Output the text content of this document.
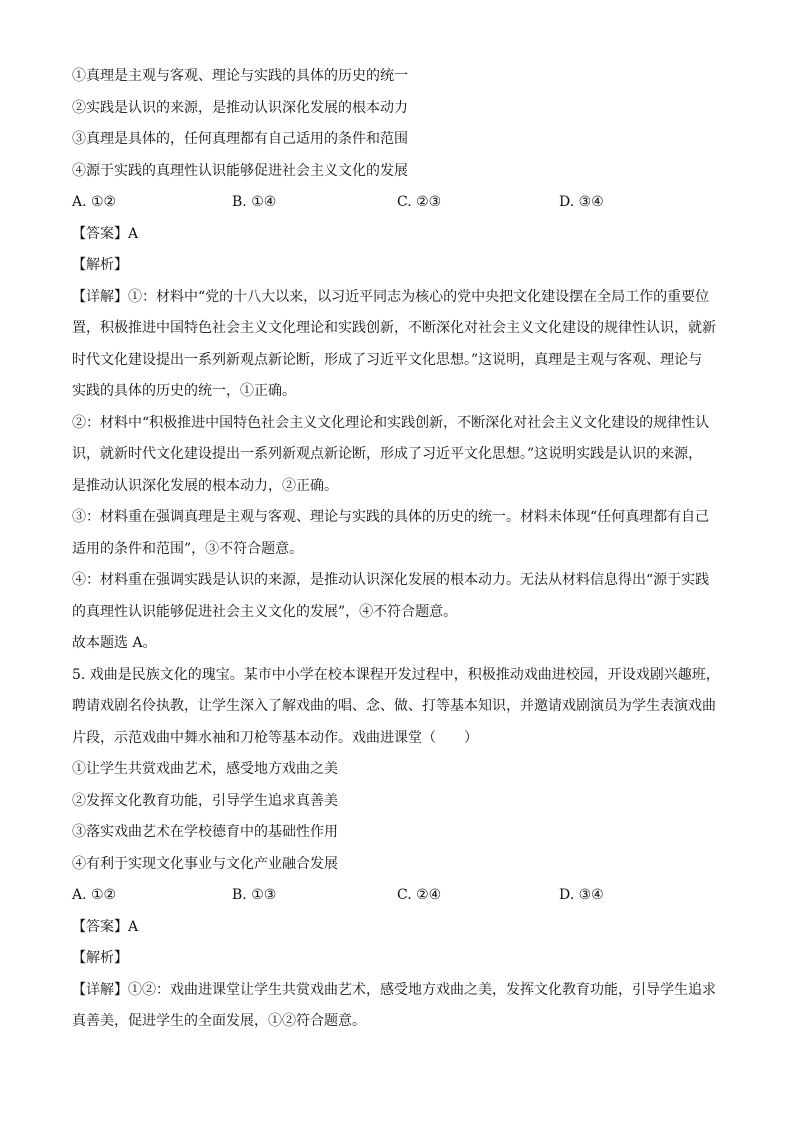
①真理是主观与客观、理论与实践的具体的历史的统一
②实践是认识的来源，是推动认识深化发展的根本动力
③真理是具体的，任何真理都有自己适用的条件和范围
④源于实践的真理性认识能够促进社会主义文化的发展
A. ①②	B. ①④	C. ②③	D. ③④
【答案】A
【解析】
【详解】①：材料中“党的十八大以来，以习近平同志为核心的党中央把文化建设摆在全局工作的重要位
置，积极推进中国特色社会主义文化理论和实践创新，不断深化对社会主义文化建设的规律性认识，就新
时代文化建设提出一系列新观点新论断，形成了习近平文化思想。”这说明，真理是主观与客观、理论与
实践的具体的历史的统一，①正确。
②：材料中“积极推进中国特色社会主义文化理论和实践创新，不断深化对社会主义文化建设的规律性认
识，就新时代文化建设提出一系列新观点新论断，形成了习近平文化思想。”这说明实践是认识的来源，
是推动认识深化发展的根本动力，②正确。
③：材料重在强调真理是主观与客观、理论与实践的具体的历史的统一。材料未体现“任何真理都有自己
适用的条件和范围”，③不符合题意。
④：材料重在强调实践是认识的来源，是推动认识深化发展的根本动力。无法从材料信息得出“源于实践
的真理性认识能够促进社会主义文化的发展”，④不符合题意。
故本题选 A。
5. 戏曲是民族文化的瑰宝。某市中小学在校本课程开发过程中，积极推动戏曲进校园，开设戏剧兴趣班，
聘请戏剧名伶执教，让学生深入了解戏曲的唱、念、做、打等基本知识，并邀请戏剧演员为学生表演戏曲
片段，示范戏曲中舞水袖和刀枪等基本动作。戏曲进课堂（　　）
①让学生共赏戏曲艺术，感受地方戏曲之美
②发挥文化教育功能，引导学生追求真善美
③落实戏曲艺术在学校德育中的基础性作用
④有利于实现文化事业与文化产业融合发展
A. ①②	B. ①③	C. ②④	D. ③④
【答案】A
【解析】
【详解】①②：戏曲进课堂让学生共赏戏曲艺术，感受地方戏曲之美，发挥文化教育功能，引导学生追求
真善美，促进学生的全面发展，①②符合题意。
